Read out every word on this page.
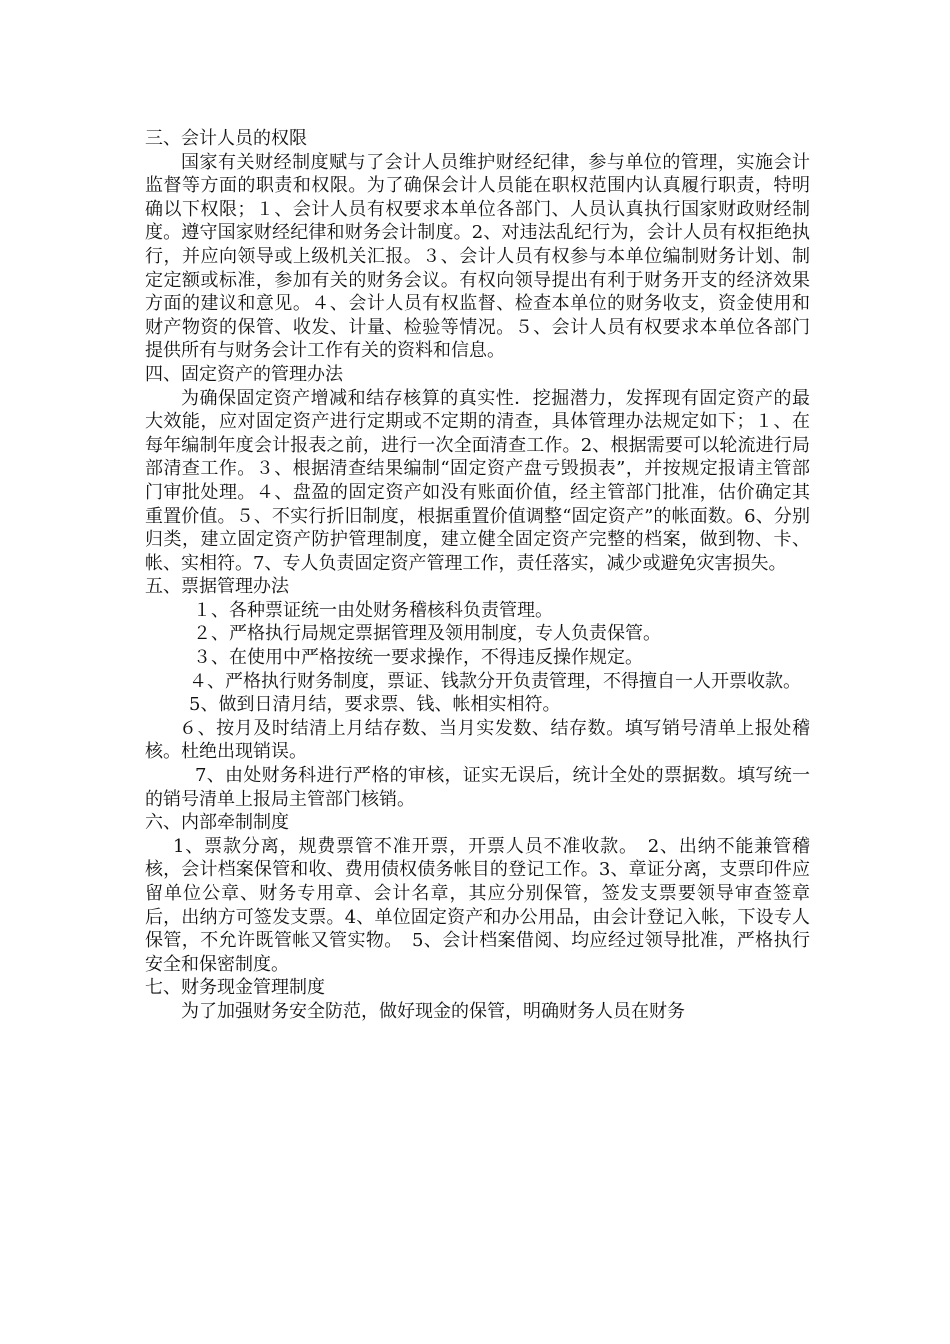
三、会计人员的权限

国家有关财经制度赋与了会计人员维护财经纪律，参与单位的管理，实施会计监督等方面的职责和权限。为了确保会计人员能在职权范围内认真履行职责，特明确以下权限；１、会计人员有权要求本单位各部门、人员认真执行国家财政财经制度。遵守国家财经纪律和财务会计制度。2、对违法乱纪行为，会计人员有权拒绝执行，并应向领导或上级机关汇报。３、会计人员有权参与本单位编制财务计划、制定定额或标准，参加有关的财务会议。有权向领导提出有利于财务开支的经济效果方面的建议和意见。４、会计人员有权监督、检查本单位的财务收支，资金使用和财产物资的保管、收发、计量、检验等情况。５、会计人员有权要求本单位各部门提供所有与财务会计工作有关的资料和信息。

四、固定资产的管理办法

为确保固定资产增减和结存核算的真实性．挖掘潜力，发挥现有固定资产的最大效能，应对固定资产进行定期或不定期的清查，具体管理办法规定如下；１、在每年编制年度会计报表之前，进行一次全面清查工作。2、根据需要可以轮流进行局部清查工作。３、根据清查结果编制“固定资产盘亏毁损表”，并按规定报请主管部门审批处理。４、盘盈的固定资产如没有账面价值，经主管部门批准，估价确定其重置价值。５、不实行折旧制度，根据重置价值调整“固定资产”的帐面数。6、分别归类，建立固定资产防护管理制度，建立健全固定资产完整的档案，做到物、卡、帐、实相符。7、专人负责固定资产管理工作，责任落实，减少或避免灾害损失。

五、票据管理办法

１、各种票证统一由处财务稽核科负责管理。

２、严格执行局规定票据管理及领用制度，专人负责保管。

３、在使用中严格按统一要求操作，不得违反操作规定。

４、严格执行财务制度，票证、钱款分开负责管理，不得擅自一人开票收款。

5、做到日清月结，要求票、钱、帐相实相符。

６、按月及时结清上月结存数、当月实发数、结存数。填写销号清单上报处稽核。杜绝出现销误。

7、由处财务科进行严格的审核，证实无误后，统计全处的票据数。填写统一的销号清单上报局主管部门核销。

六、内部牵制制度

1、票款分离，规费票管不准开票，开票人员不准收款。　2、出纳不能兼管稽核，会计档案保管和收、费用债权债务帐目的登记工作。3、章证分离，支票印件应留单位公章、财务专用章、会计名章，其应分别保管，签发支票要领导审查签章后，出纳方可签发支票。4、单位固定资产和办公用品，由会计登记入帐，下设专人保管，不允许既管帐又管实物。　5、会计档案借阅、均应经过领导批准，严格执行安全和保密制度。

七、财务现金管理制度

为了加强财务安全防范，做好现金的保管，明确财务人员在财务
